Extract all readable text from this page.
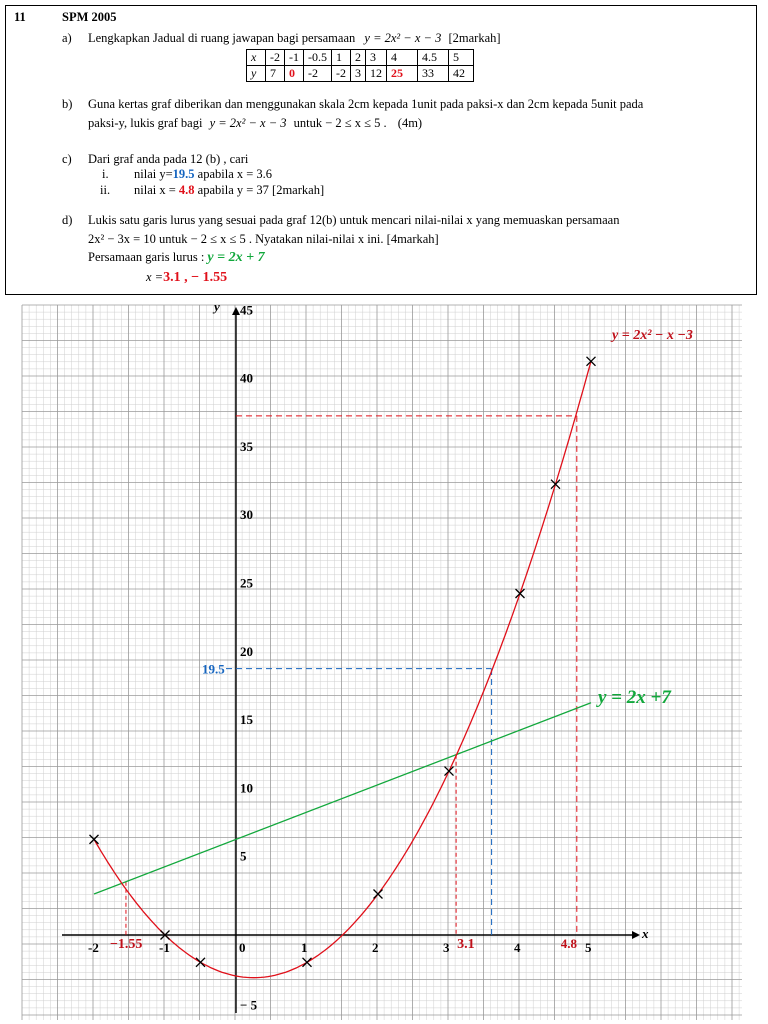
11	SPM 2005
a) Lengkapkan Jadual di ruang jawapan bagi persamaan y = 2x² − x − 3 [2markah]
x	-2	-1	-0.5	1	2	3	4	4.5	5
y	7	0	-2	-2	3	12	25	33	42
b) Guna kertas graf diberikan dan menggunakan skala 2cm kepada 1unit pada paksi-x dan 2cm kepada 5unit pada
paksi-y, lukis graf bagi y = 2x² − x − 3 untuk − 2 ≤ x ≤ 5 . (4m)
c) Dari graf anda pada 12 (b) , cari
i. nilai y=19.5 apabila x = 3.6
ii. nilai x = 4.8 apabila y = 37 [2markah]
d) Lukis satu garis lurus yang sesuai pada graf 12(b) untuk mencari nilai-nilai x yang memuaskan persamaan
2x² − 3x = 10 untuk − 2 ≤ x ≤ 5 . Nyatakan nilai-nilai x ini. [4markah]
Persamaan garis lurus : y = 2x + 7
x =3.1 , − 1.55
x
y
-2	-1	0	1	2	3	4	5
− 5
5
10
15
20
25
30
35
40
45
19.5
4.8
−1.55	3.1
y = 2x² − x −3
y = 2x +7
